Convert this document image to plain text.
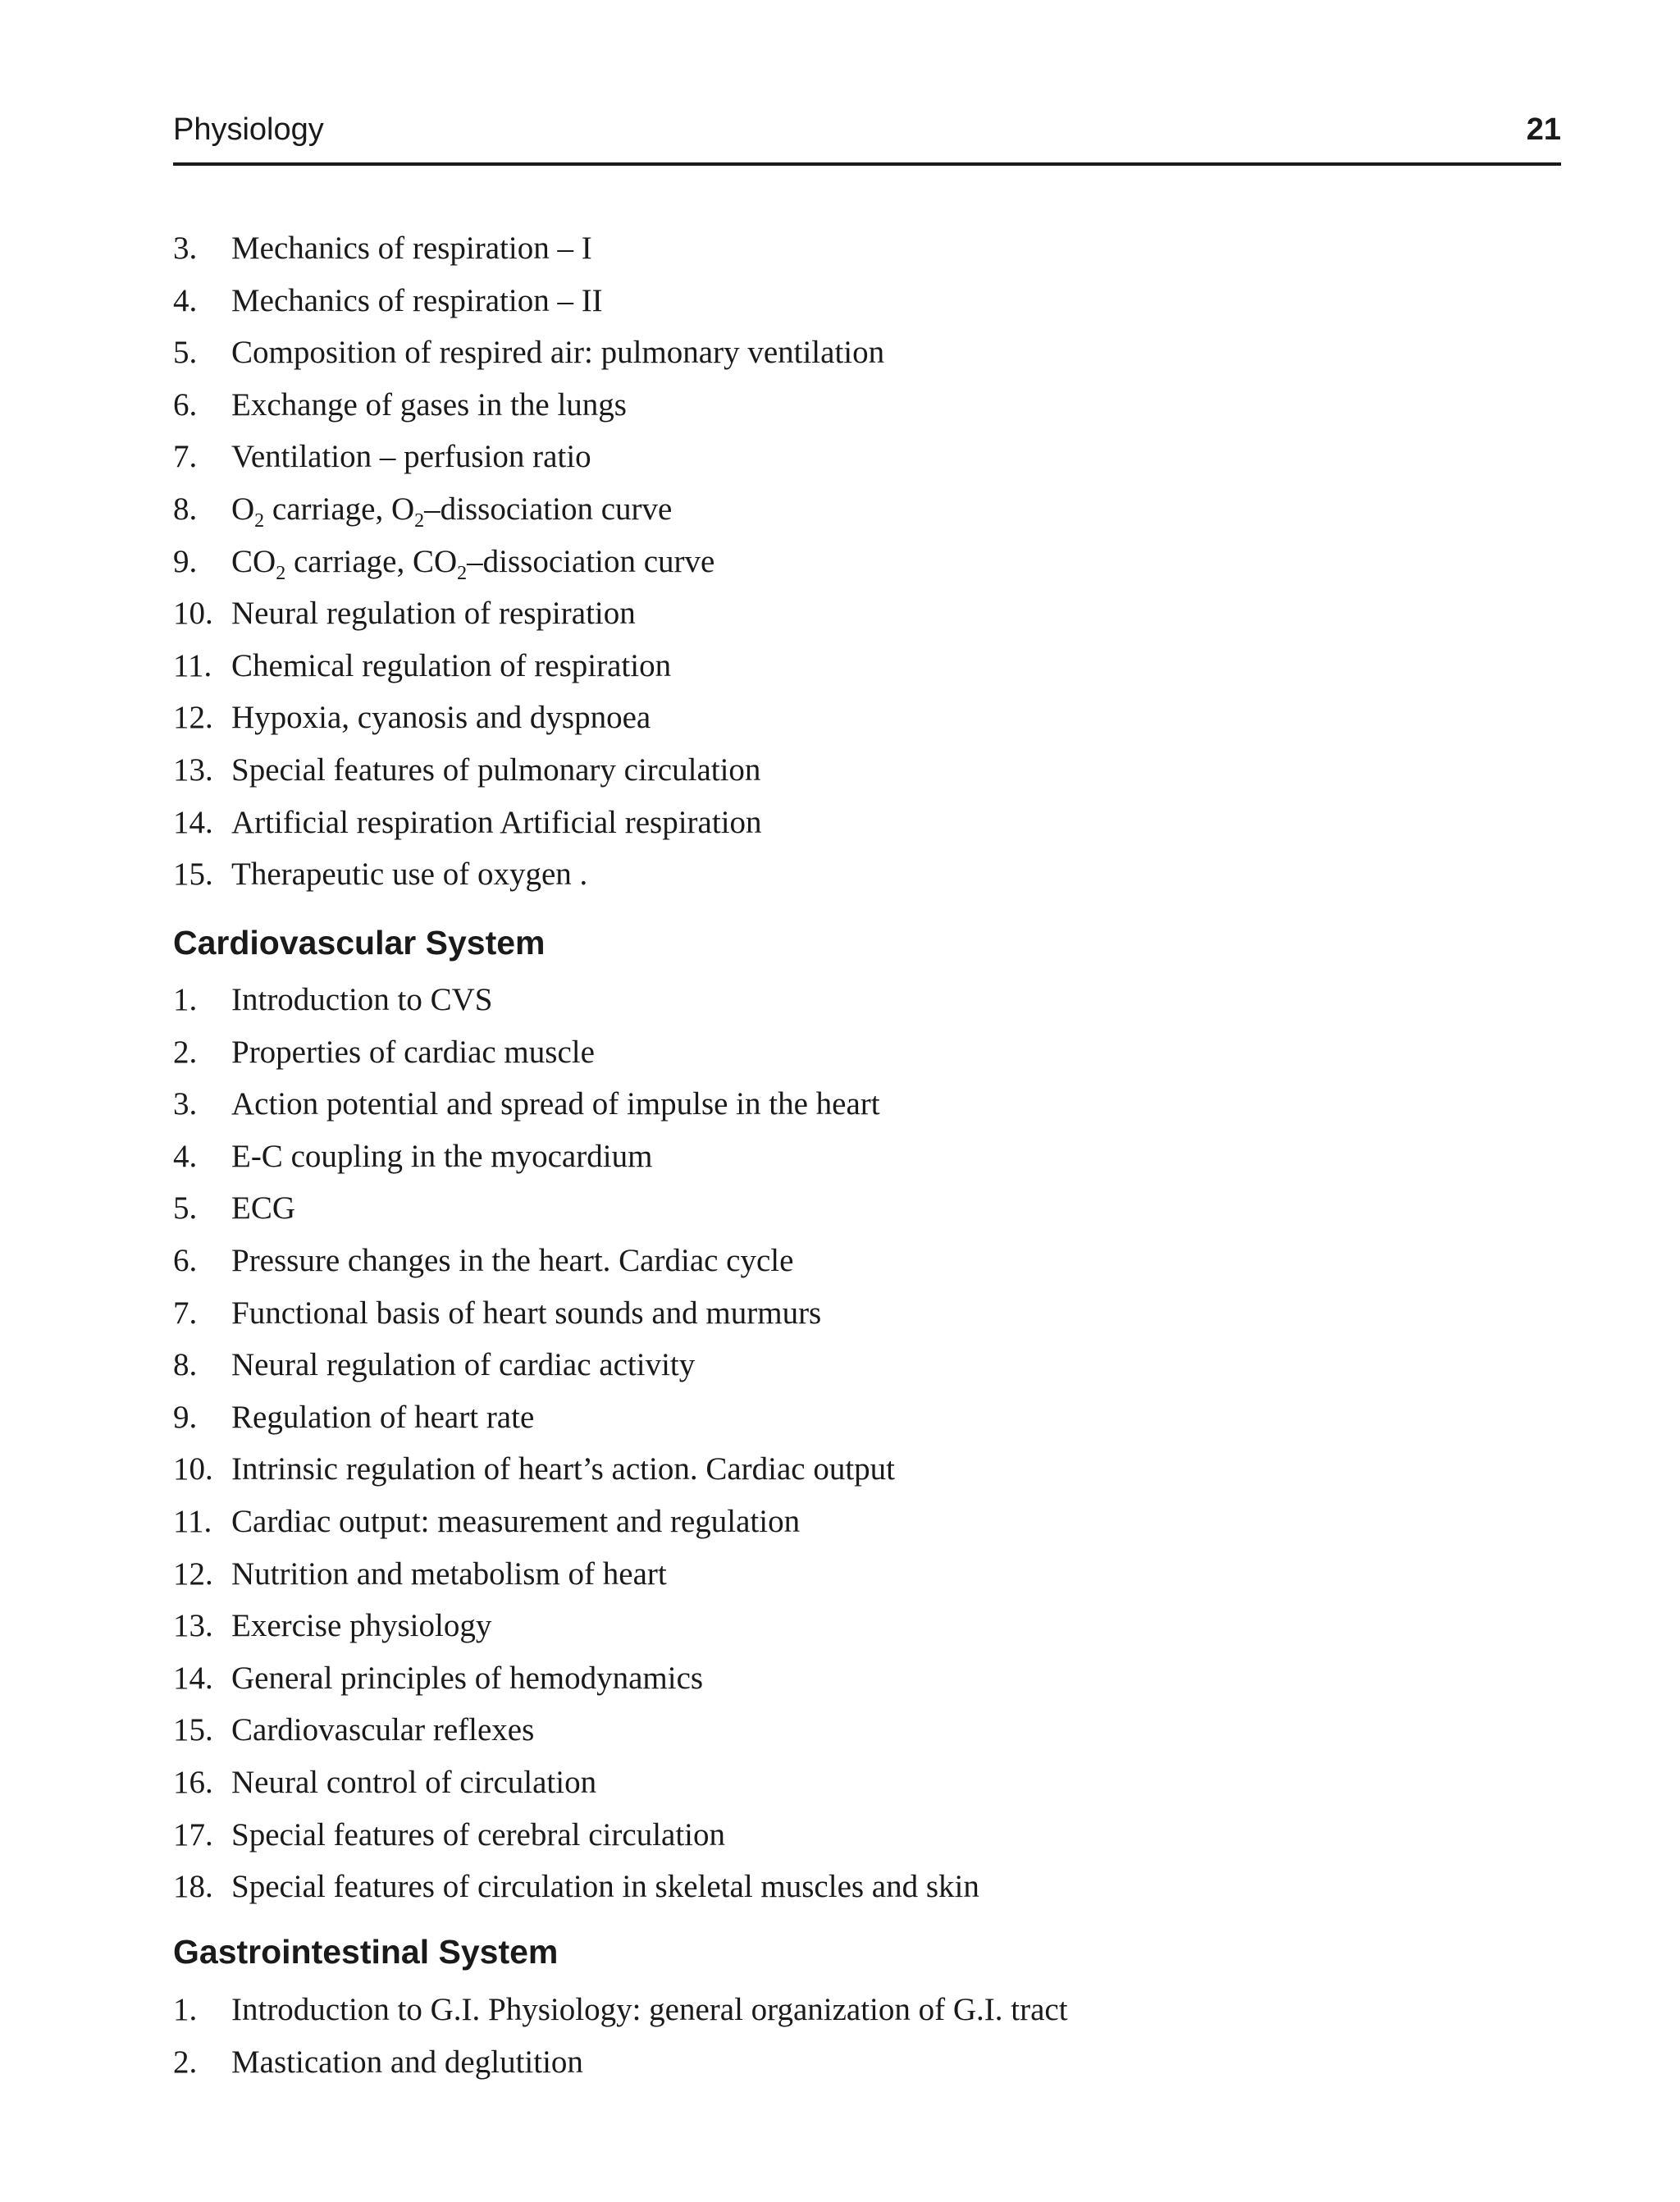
Physiology	21
3.	Mechanics of respiration – I
4.	Mechanics of respiration – II
5.	Composition of respired air: pulmonary ventilation
6.	Exchange of gases in the lungs
7.	Ventilation – perfusion ratio
8.	$O_2$ carriage, $O_2$–dissociation curve
9.	$CO_2$ carriage, $CO_2$–dissociation curve
10. Neural regulation of respiration
11. Chemical regulation of respiration
12. Hypoxia, cyanosis and dyspnoea
13. Special features of pulmonary circulation
14. Artificial respiration Artificial respiration
15. Therapeutic use of oxygen .
Cardiovascular System
1.	Introduction to CVS
2.	Properties of cardiac muscle
3.	Action potential and spread of impulse in the heart
4.	E-C coupling in the myocardium
5.	ECG
6.	Pressure changes in the heart. Cardiac cycle
7.	Functional basis of heart sounds and murmurs
8.	Neural regulation of cardiac activity
9.	Regulation of heart rate
10. Intrinsic regulation of heart’s action. Cardiac output
11. Cardiac output: measurement and regulation
12. Nutrition and metabolism of heart
13. Exercise physiology
14. General principles of hemodynamics
15. Cardiovascular reflexes
16. Neural control of circulation
17. Special features of cerebral circulation
18. Special features of circulation in skeletal muscles and skin
Gastrointestinal System
1.	Introduction to G.I. Physiology: general organization of G.I. tract
2.	Mastication and deglutition
